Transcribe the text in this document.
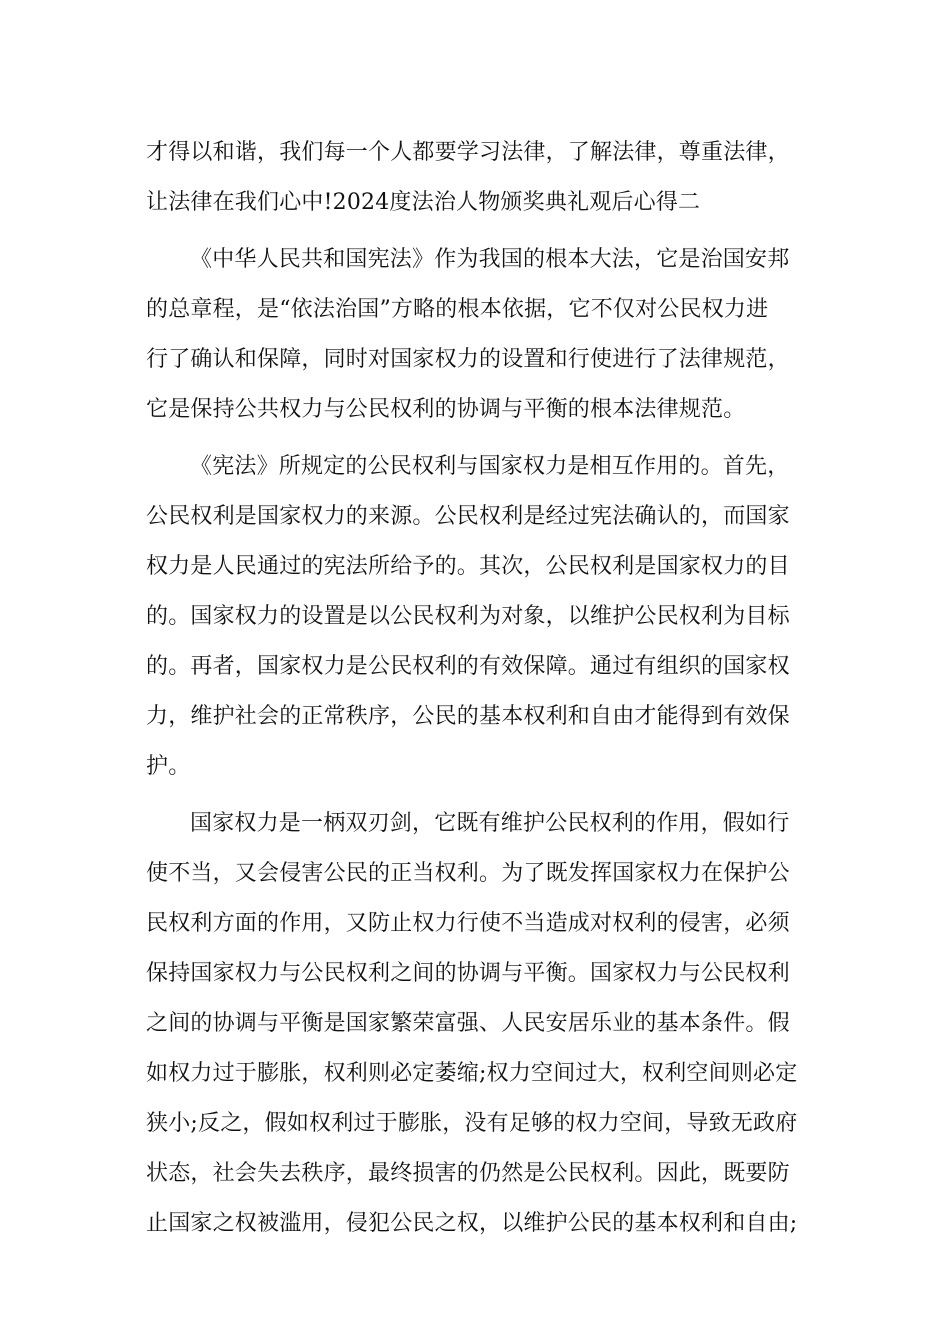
才得以和谐，我们每一个人都要学习法律，了解法律，尊重法律，
让法律在我们心中!2024度法治人物颁奖典礼观后心得二
《中华人民共和国宪法》作为我国的根本大法，它是治国安邦
的总章程，是“依法治国”方略的根本依据，它不仅对公民权力进
行了确认和保障，同时对国家权力的设置和行使进行了法律规范，
它是保持公共权力与公民权利的协调与平衡的根本法律规范。
《宪法》所规定的公民权利与国家权力是相互作用的。首先，
公民权利是国家权力的来源。公民权利是经过宪法确认的，而国家
权力是人民通过的宪法所给予的。其次，公民权利是国家权力的目
的。国家权力的设置是以公民权利为对象，以维护公民权利为目标
的。再者，国家权力是公民权利的有效保障。通过有组织的国家权
力，维护社会的正常秩序，公民的基本权利和自由才能得到有效保
护。
国家权力是一柄双刃剑，它既有维护公民权利的作用，假如行
使不当，又会侵害公民的正当权利。为了既发挥国家权力在保护公
民权利方面的作用，又防止权力行使不当造成对权利的侵害，必须
保持国家权力与公民权利之间的协调与平衡。国家权力与公民权利
之间的协调与平衡是国家繁荣富强、人民安居乐业的基本条件。假
如权力过于膨胀，权利则必定萎缩;权力空间过大，权利空间则必定
狭小;反之，假如权利过于膨胀，没有足够的权力空间，导致无政府
状态，社会失去秩序，最终损害的仍然是公民权利。因此，既要防
止国家之权被滥用，侵犯公民之权，以维护公民的基本权利和自由;
